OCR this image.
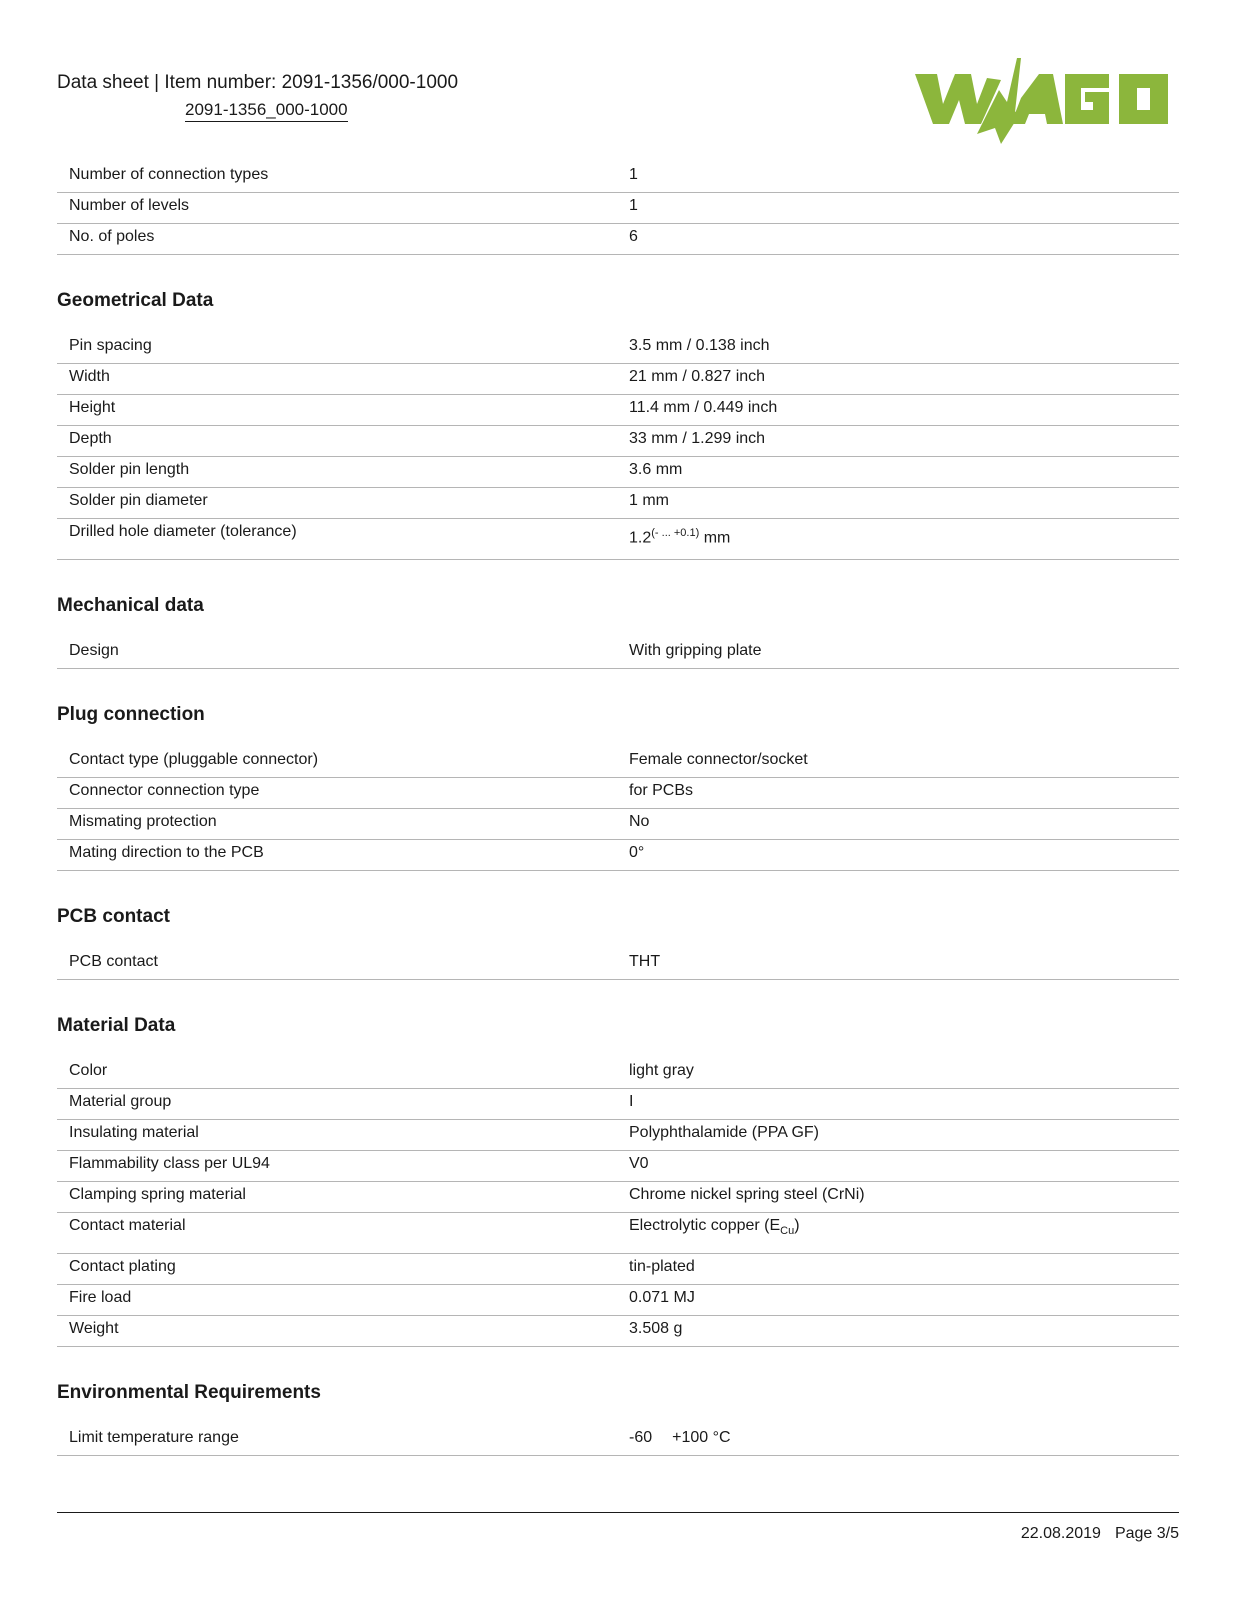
Data sheet | Item number: 2091-1356/000-1000
2091-1356_000-1000
Number of connection types	1
Number of levels	1
No. of poles	6
Geometrical Data
Pin spacing	3.5 mm / 0.138 inch
Width	21 mm / 0.827 inch
Height	11.4 mm / 0.449 inch
Depth	33 mm / 1.299 inch
Solder pin length	3.6 mm
Solder pin diameter	1 mm
Drilled hole diameter (tolerance)	$1.2^{(- ... +0.1)}$ mm
Mechanical data
Design	With gripping plate
Plug connection
Contact type (pluggable connector)	Female connector/socket
Connector connection type	for PCBs
Mismating protection	No
Mating direction to the PCB	0°
PCB contact
PCB contact	THT
Material Data
Color	light gray
Material group	I
Insulating material	Polyphthalamide (PPA GF)
Flammability class per UL94	V0
Clamping spring material	Chrome nickel spring steel (CrNi)
Contact material	Electrolytic copper $(E_{Cu})$
Contact plating	tin-plated
Fire load	0.071 MJ
Weight	3.508 g
Environmental Requirements
Limit temperature range	-60 +100 °C
22.08.2019 Page 3/5
